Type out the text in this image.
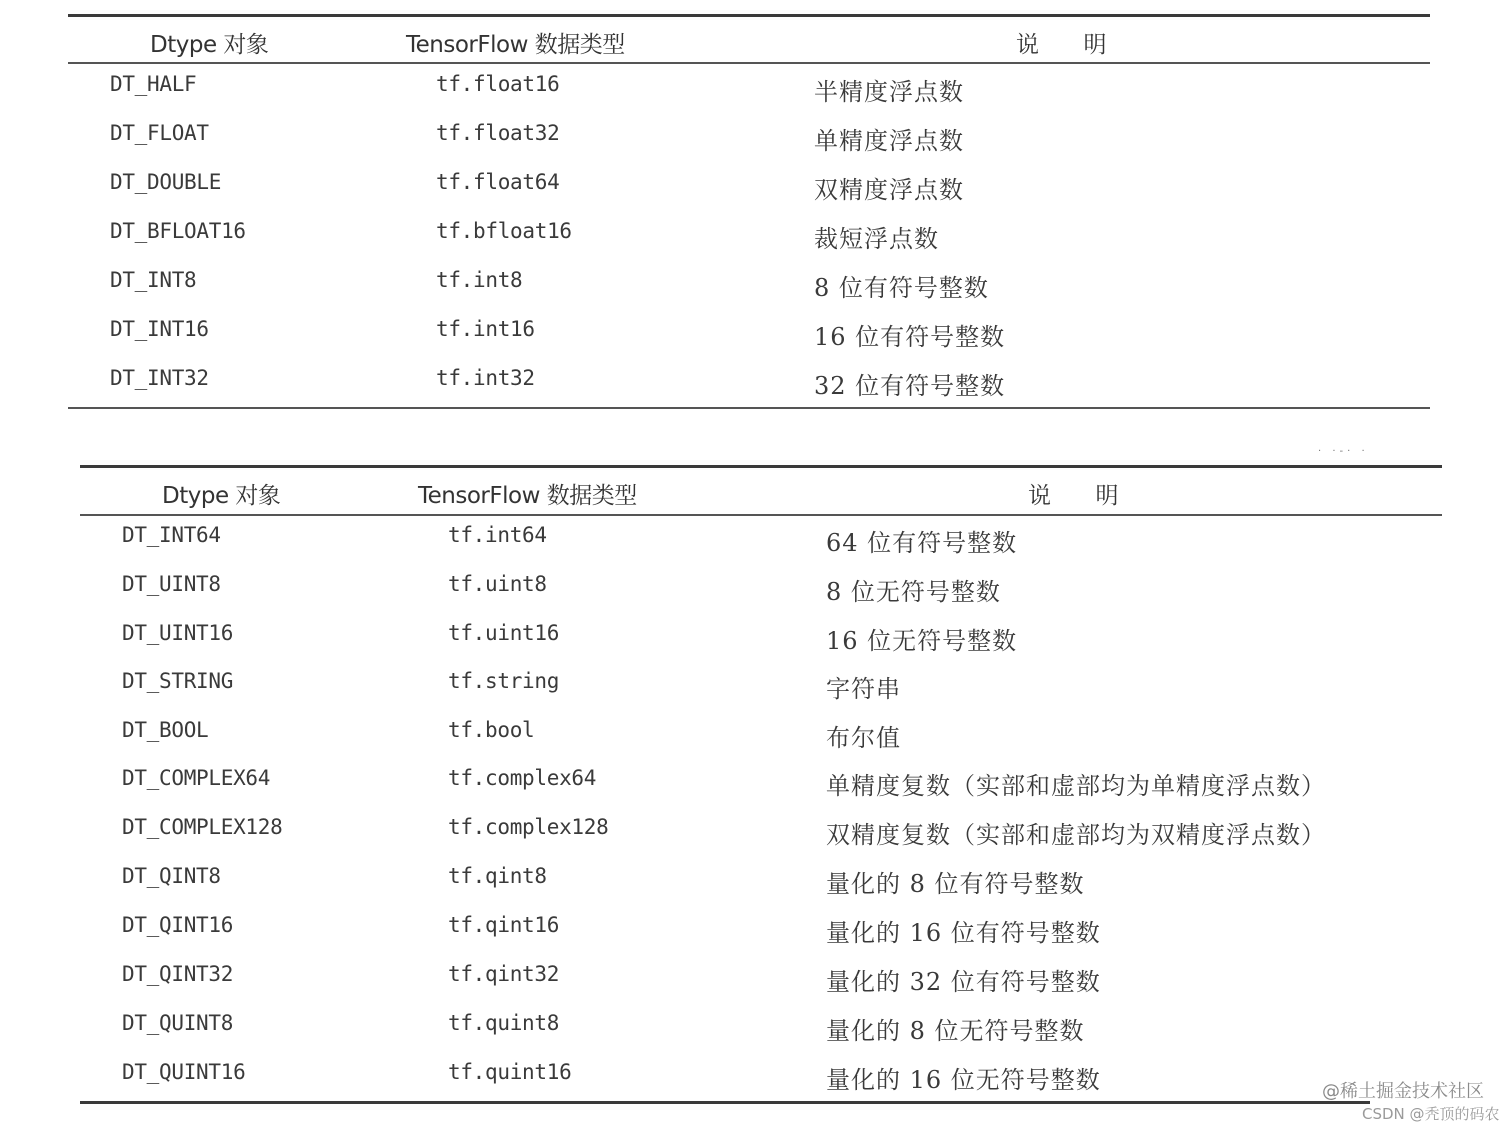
Dtype 对象	TensorFlow 数据类型	说　　明
DT_HALF	tf.float16	半精度浮点数
DT_FLOAT	tf.float32	单精度浮点数
DT_DOUBLE	tf.float64	双精度浮点数
DT_BFLOAT16	tf.bfloat16	裁短浮点数
DT_INT8	tf.int8	8 位有符号整数
DT_INT16	tf.int16	16 位有符号整数
DT_INT32	tf.int32	32 位有符号整数
· ·-· ·
Dtype 对象	TensorFlow 数据类型	说　　明
DT_INT64	tf.int64	64 位有符号整数
DT_UINT8	tf.uint8	8 位无符号整数
DT_UINT16	tf.uint16	16 位无符号整数
DT_STRING	tf.string	字符串
DT_BOOL	tf.bool	布尔值
DT_COMPLEX64	tf.complex64	单精度复数（实部和虚部均为单精度浮点数）
DT_COMPLEX128	tf.complex128	双精度复数（实部和虚部均为双精度浮点数）
DT_QINT8	tf.qint8	量化的 8 位有符号整数
DT_QINT16	tf.qint16	量化的 16 位有符号整数
DT_QINT32	tf.qint32	量化的 32 位有符号整数
DT_QUINT8	tf.quint8	量化的 8 位无符号整数
DT_QUINT16	tf.quint16	量化的 16 位无符号整数	@稀土掘金技术社区
CSDN @秃顶的码农
